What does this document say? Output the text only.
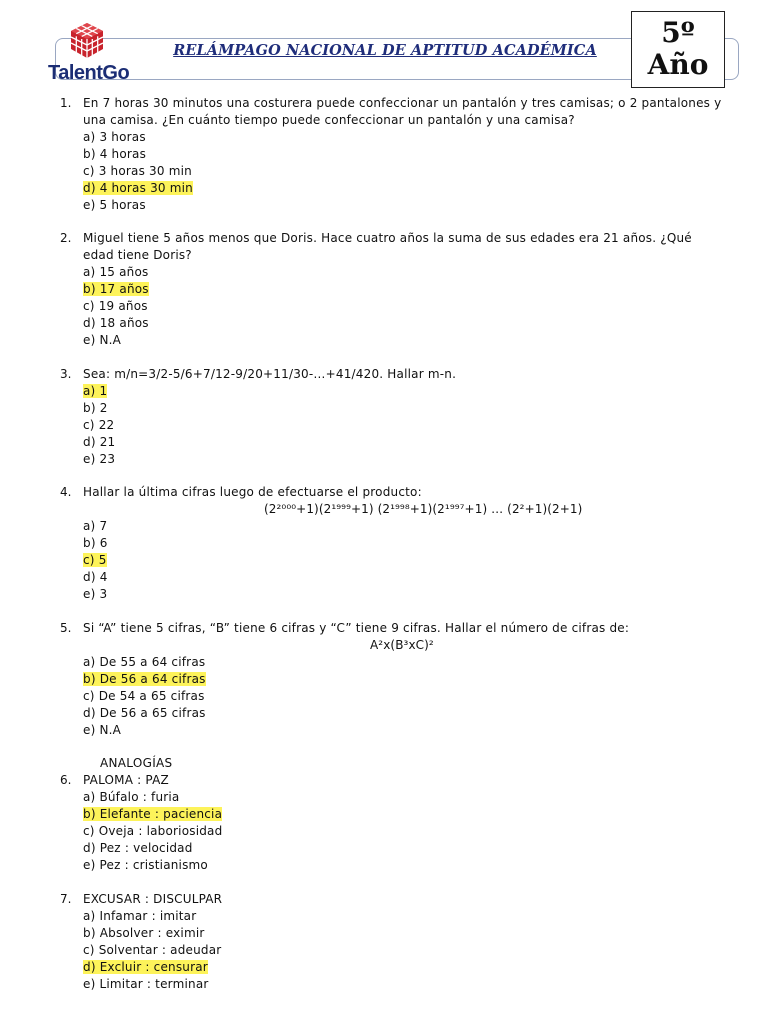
TalentGo
RELÁMPAGO NACIONAL DE APTITUD ACADÉMICA
5º
Año
1. En 7 horas 30 minutos una costurera puede confeccionar un pantalón y tres camisas; o 2 pantalones y una camisa. ¿En cuánto tiempo puede confeccionar un pantalón y una camisa?
a) 3 horas
b) 4 horas
c) 3 horas 30 min
d) 4 horas 30 min
e) 5 horas
2. Miguel tiene 5 años menos que Doris. Hace cuatro años la suma de sus edades era 21 años. ¿Qué edad tiene Doris?
a) 15 años
b) 17 años
c) 19 años
d) 18 años
e) N.A
3. Sea: m/n=3/2-5/6+7/12-9/20+11/30-…+41/420. Hallar m-n.
a) 1
b) 2
c) 22
d) 21
e) 23
4. Hallar la última cifras luego de efectuarse el producto:
(2²⁰⁰⁰+1)(2¹⁹⁹⁹+1) (2¹⁹⁹⁸+1)(2¹⁹⁹⁷+1) … (2²+1)(2+1)
a) 7
b) 6
c) 5
d) 4
e) 3
5. Si “A” tiene 5 cifras, “B” tiene 6 cifras y “C” tiene 9 cifras. Hallar el número de cifras de:
A²x(B³xC)²
a) De 55 a 64 cifras
b) De 56 a 64 cifras
c) De 54 a 65 cifras
d) De 56 a 65 cifras
e) N.A
ANALOGÍAS
6. PALOMA : PAZ
a) Búfalo : furia
b) Elefante : paciencia
c) Oveja : laboriosidad
d) Pez : velocidad
e) Pez : cristianismo
7. EXCUSAR : DISCULPAR
a) Infamar : imitar
b) Absolver : eximir
c) Solventar : adeudar
d) Excluir : censurar
e) Limitar : terminar
